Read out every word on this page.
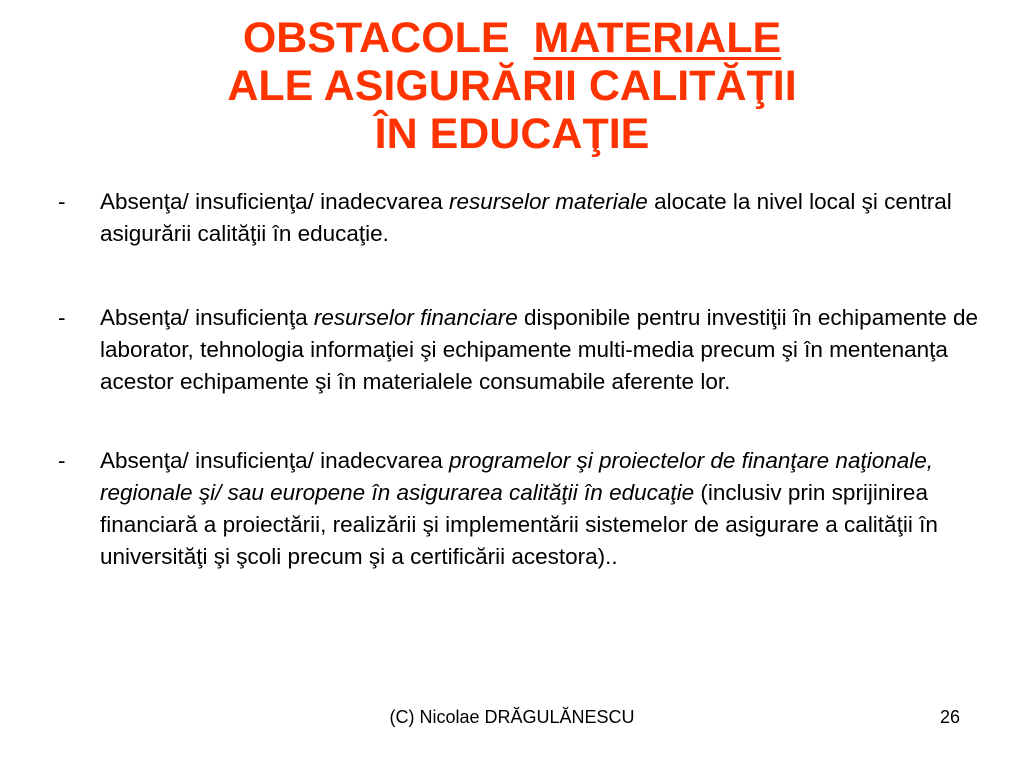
OBSTACOLE MATERIALE
ALE ASIGURĂRII CALITĂŢII
ÎN EDUCAŢIE
- Absenţa/ insuficienţa/ inadecvarea resurselor materiale alocate la nivel local şi central asigurării calităţii în educaţie.
- Absenţa/ insuficienţa resurselor financiare disponibile pentru investiţii în echipamente de laborator, tehnologia informaţiei şi echipamente multi-media precum şi în mentenanţa acestor echipamente şi în materialele consumabile aferente lor.
- Absenţa/ insuficienţa/ inadecvarea programelor şi proiectelor de finanţare naţionale, regionale şi/ sau europene în asigurarea calităţii în educaţie (inclusiv prin sprijinirea financiară a proiectării, realizării şi implementării sistemelor de asigurare a calităţii în universităţi şi şcoli precum şi a certificării acestora)..
(C) Nicolae DRĂGULĂNESCU	26
